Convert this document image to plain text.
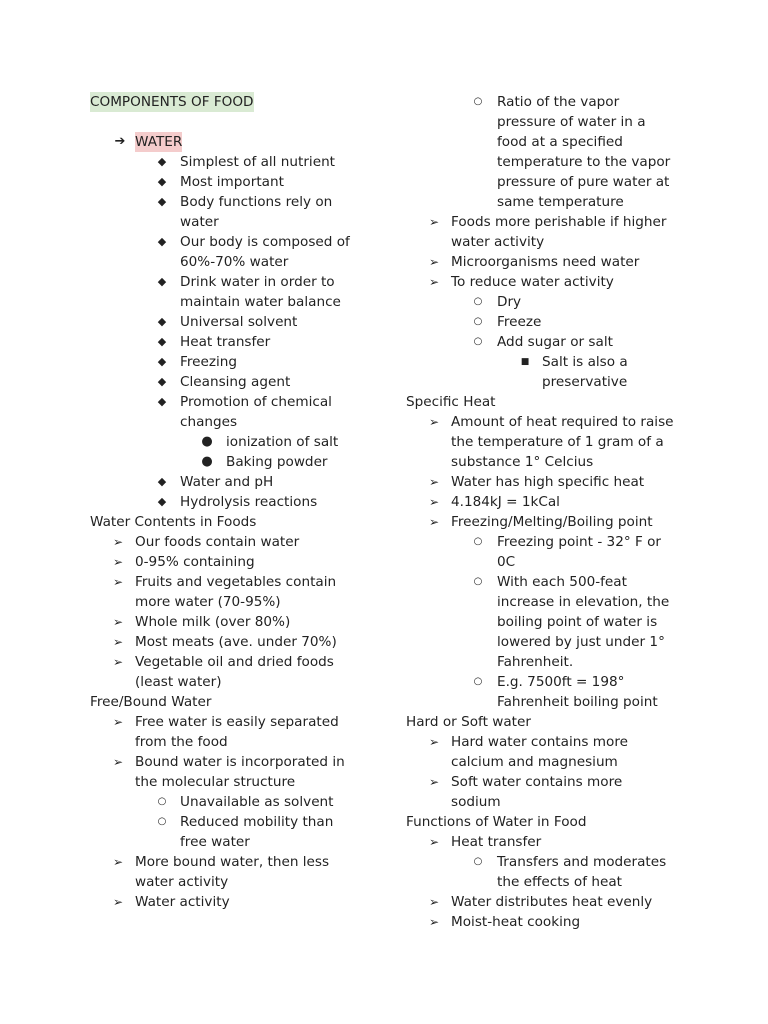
COMPONENTS OF FOOD
➔ WATER
◆ Simplest of all nutrient
◆ Most important
◆ Body functions rely on water
◆ Our body is composed of 60%-70% water
◆ Drink water in order to maintain water balance
◆ Universal solvent
◆ Heat transfer
◆ Freezing
◆ Cleansing agent
◆ Promotion of chemical changes
● ionization of salt
● Baking powder
◆ Water and pH
◆ Hydrolysis reactions
Water Contents in Foods
➢ Our foods contain water
➢ 0-95% containing
➢ Fruits and vegetables contain more water (70-95%)
➢ Whole milk (over 80%)
➢ Most meats (ave. under 70%)
➢ Vegetable oil and dried foods (least water)
Free/Bound Water
➢ Free water is easily separated from the food
➢ Bound water is incorporated in the molecular structure
○ Unavailable as solvent
○ Reduced mobility than free water
➢ More bound water, then less water activity
➢ Water activity
○ Ratio of the vapor pressure of water in a food at a specified temperature to the vapor pressure of pure water at same temperature
➢ Foods more perishable if higher water activity
➢ Microorganisms need water
➢ To reduce water activity
○ Dry
○ Freeze
○ Add sugar or salt
■ Salt is also a preservative
Specific Heat
➢ Amount of heat required to raise the temperature of 1 gram of a substance 1° Celcius
➢ Water has high specific heat
➢ 4.184kJ = 1kCal
➢ Freezing/Melting/Boiling point
○ Freezing point - 32° F or 0C
○ With each 500-feat increase in elevation, the boiling point of water is lowered by just under 1° Fahrenheit.
○ E.g. 7500ft = 198° Fahrenheit boiling point
Hard or Soft water
➢ Hard water contains more calcium and magnesium
➢ Soft water contains more sodium
Functions of Water in Food
➢ Heat transfer
○ Transfers and moderates the effects of heat
➢ Water distributes heat evenly
➢ Moist-heat cooking
